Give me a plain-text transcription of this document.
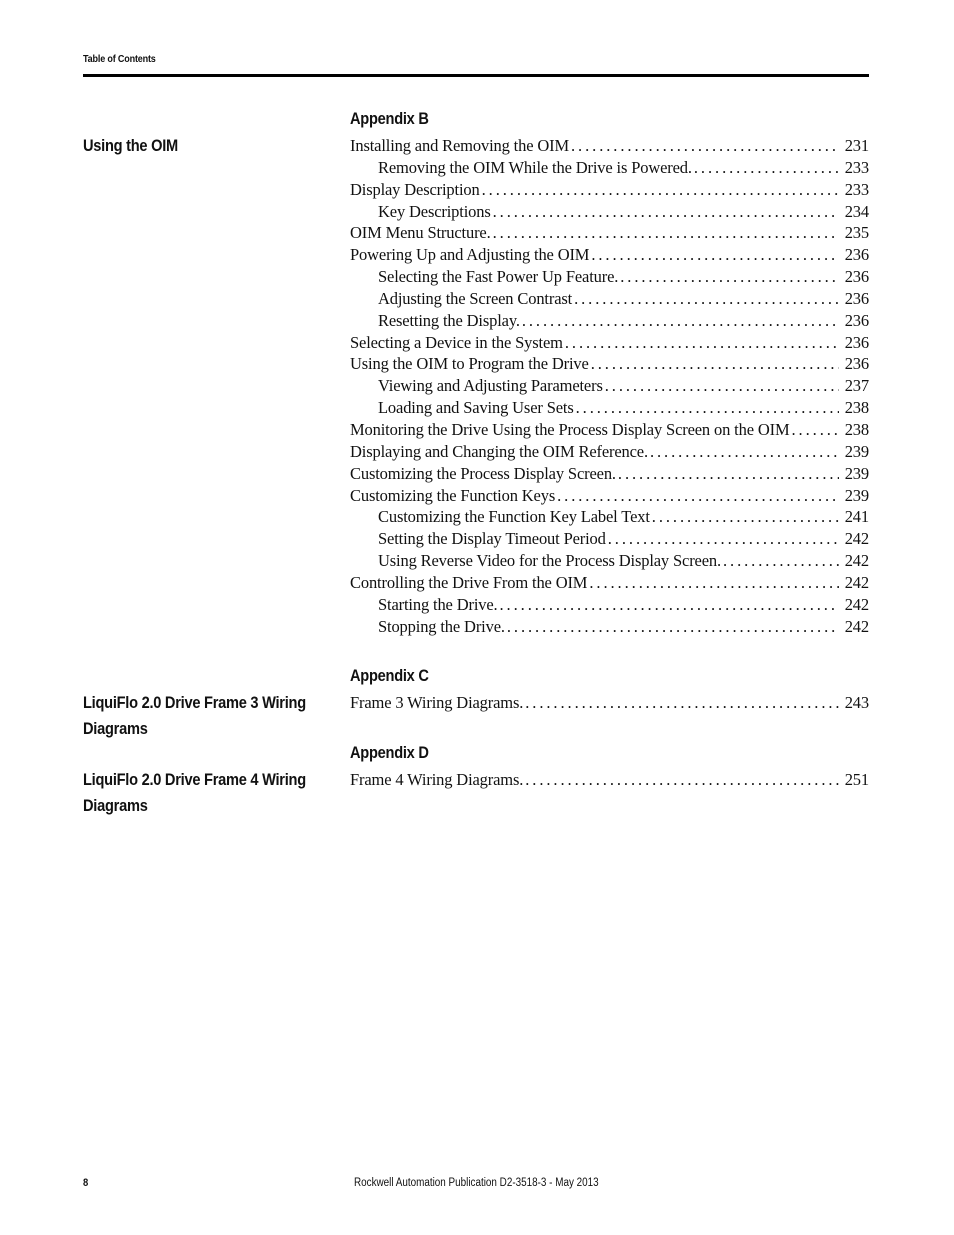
Table of Contents
Appendix B
Using the OIM	Installing and Removing the OIM . . .	231
Removing the OIM While the Drive is Powered. . . .	233
Display Description . . .	233
Key Descriptions . . .	234
OIM Menu Structure. . . .	235
Powering Up and Adjusting the OIM . . .	236
Selecting the Fast Power Up Feature. . . .	236
Adjusting the Screen Contrast . . .	236
Resetting the Display. . . .	236
Selecting a Device in the System . . .	236
Using the OIM to Program the Drive . . .	236
Viewing and Adjusting Parameters . . .	237
Loading and Saving User Sets . . .	238
Monitoring the Drive Using the Process Display Screen on the OIM . . .	238
Displaying and Changing the OIM Reference. . . .	239
Customizing the Process Display Screen. . . .	239
Customizing the Function Keys . . .	239
Customizing the Function Key Label Text . . .	241
Setting the Display Timeout Period . . .	242
Using Reverse Video for the Process Display Screen. . . .	242
Controlling the Drive From the OIM . . .	242
Starting the Drive. . . .	242
Stopping the Drive. . . .	242
Appendix C
LiquiFlo 2.0 Drive Frame 3 Wiring Diagrams
Frame 3 Wiring Diagrams. . . .	243
Appendix D
LiquiFlo 2.0 Drive Frame 4 Wiring Diagrams
Frame 4 Wiring Diagrams. . . .	251
8	Rockwell Automation Publication D2-3518-3 - May 2013
